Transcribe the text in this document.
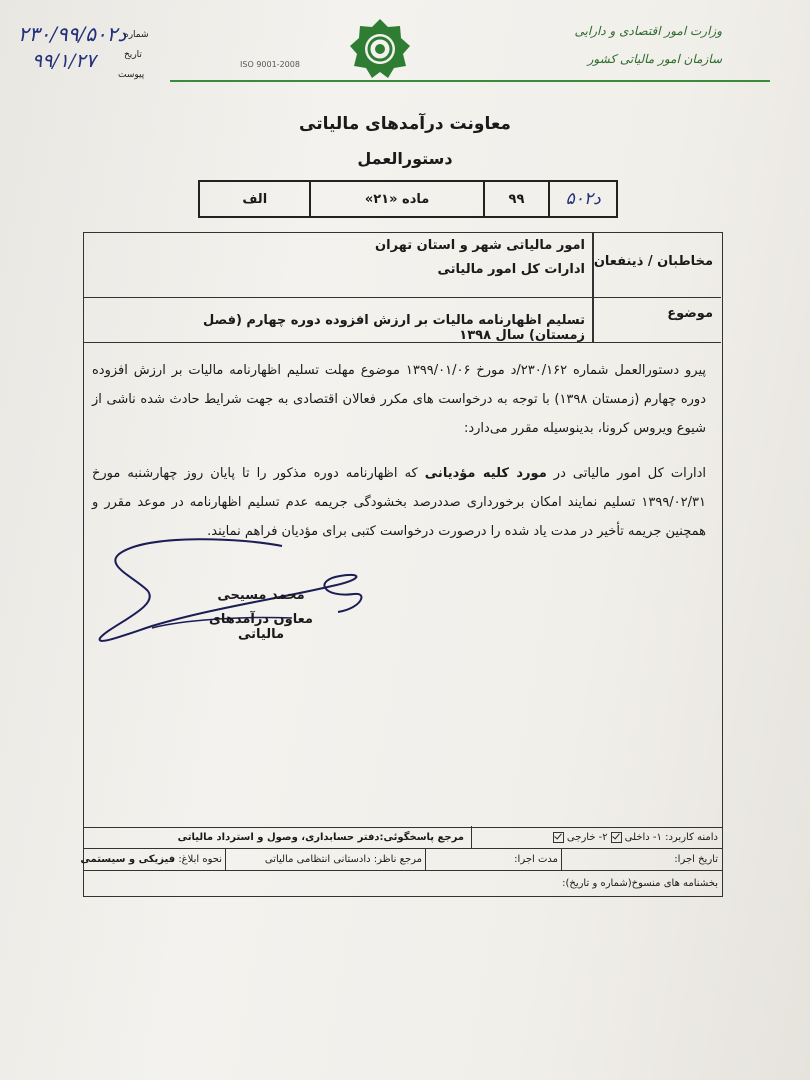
۲۳۰/۹۹/د۵۰۲
شماره
۹۹/۱/۲۷	تاریخ
پیوست
ISO 9001-2008
وزارت امور اقتصادی و دارایی
سازمان امور مالیاتی کشور
معاونت درآمدهای مالیاتی
دستورالعمل
د۵۰۲
۹۹
ماده «۲۱»
الف
مخاطبان / ذینفعان
امور مالیاتی شهر و استان تهران
ادارات کل امور مالیاتی
موضوع
تسلیم اظهارنامه مالیات بر ارزش افزوده دوره چهارم (فصل زمستان) سال ۱۳۹۸
پیرو دستورالعمل شماره ۲۳۰/۱۶۲/د مورخ ۱۳۹۹/۰۱/۰۶ موضوع مهلت تسلیم اظهارنامه مالیات بر ارزش افزوده دوره چهارم (زمستان ۱۳۹۸) با توجه به درخواست های مکرر فعالان اقتصادی به جهت شرایط حادث شده ناشی از شیوع ویروس کرونا، بدینوسیله مقرر می‌دارد:
ادارات کل امور مالیاتی در مورد کلیه مؤدیانی که اظهارنامه دوره مذکور را تا پایان روز چهارشنبه مورخ ۱۳۹۹/۰۲/۳۱ تسلیم نمایند امکان برخورداری صددرصد بخشودگی جریمه عدم تسلیم اظهارنامه در موعد مقرر و همچنین جریمه تأخیر در مدت یاد شده را درصورت درخواست کتبی برای مؤدیان فراهم نمایند.
محمد مسیحی
معاون درآمدهای مالیاتی
دامنه کاربرد: ۱- داخلی
۲- خارجی
مرجع پاسخگوئی:دفتر حسابداری، وصول و استرداد مالیاتی
تاریخ اجرا:
مدت اجرا:
مرجع ناظر: دادستانی انتظامی مالیاتی
نحوه ابلاغ:

فیزیکی و سیستمی
بخشنامه های منسوخ(شماره و تاریخ):
